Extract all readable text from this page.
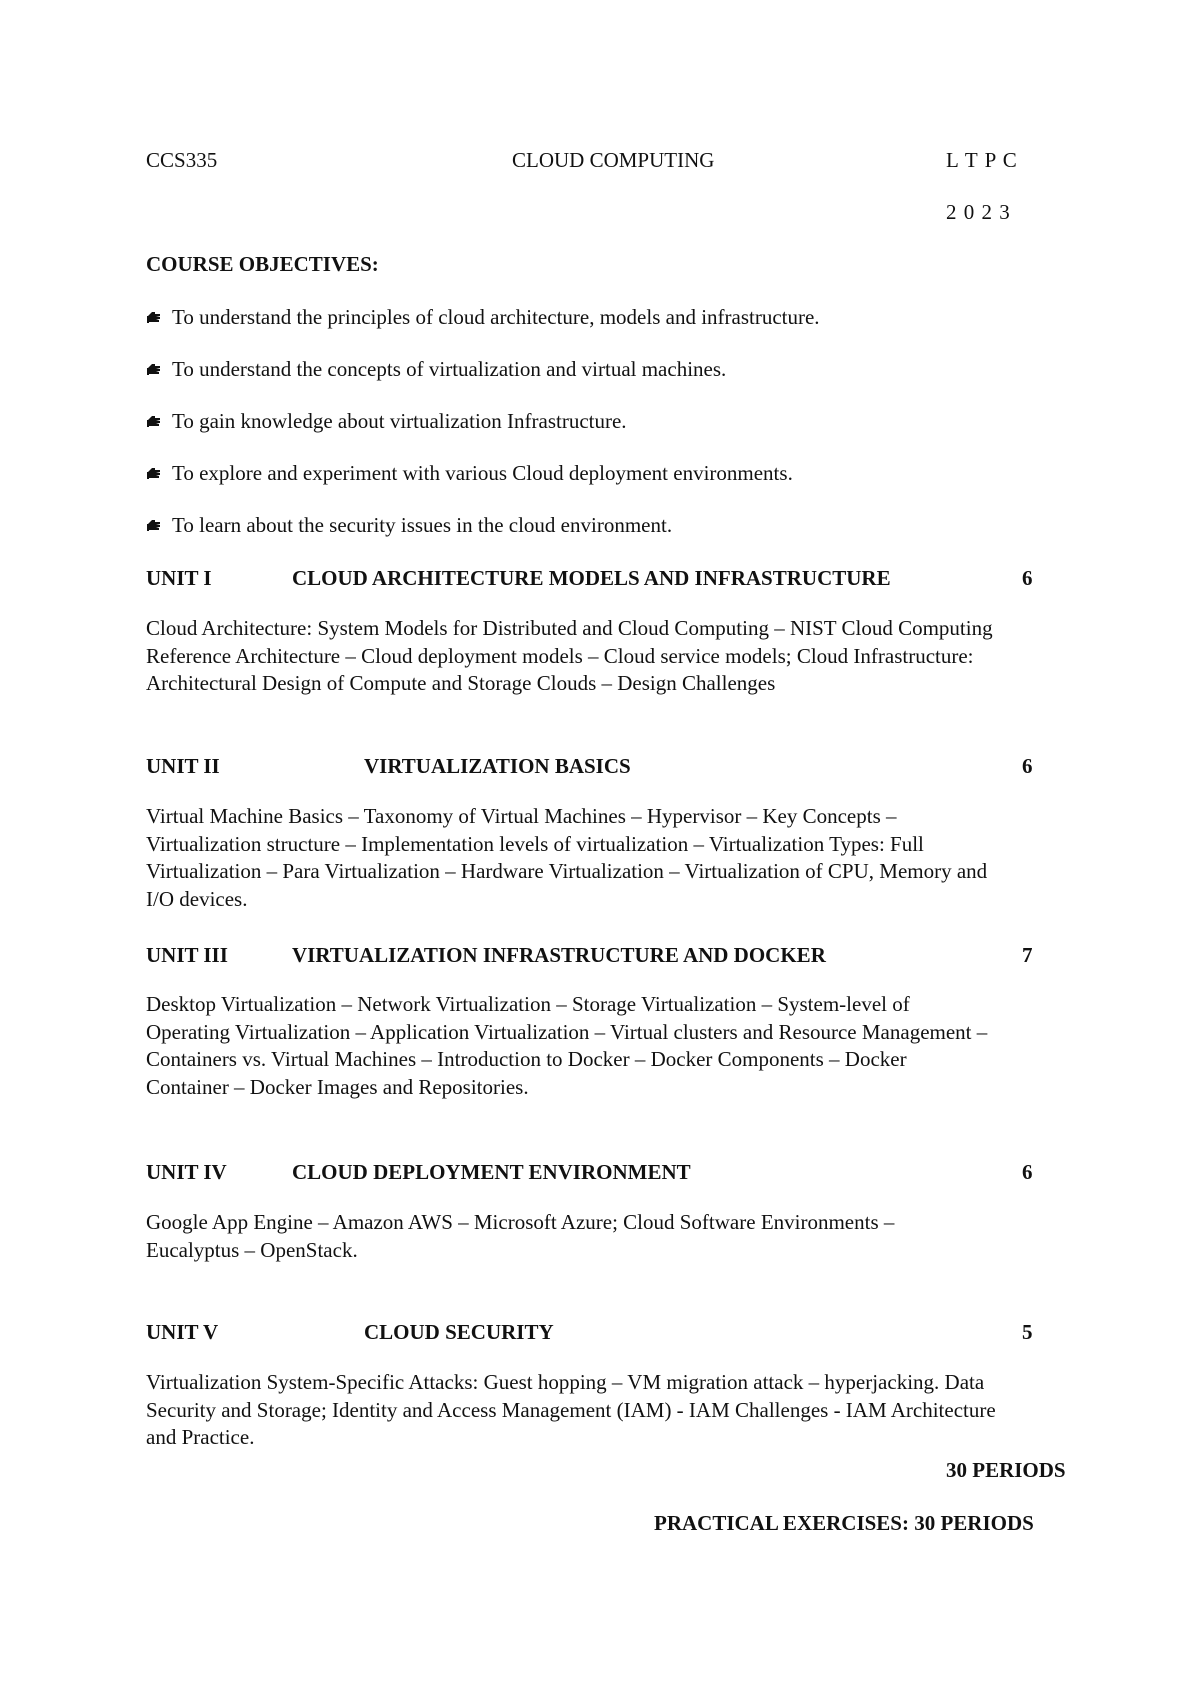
CCS335	CLOUD COMPUTING	L T P C
2 0 2 3
COURSE OBJECTIVES:
To understand the principles of cloud architecture, models and infrastructure.
To understand the concepts of virtualization and virtual machines.
To gain knowledge about virtualization Infrastructure.
To explore and experiment with various Cloud deployment environments.
To learn about the security issues in the cloud environment.
UNIT I	CLOUD ARCHITECTURE MODELS AND INFRASTRUCTURE	6
Cloud Architecture: System Models for Distributed and Cloud Computing – NIST Cloud Computing
Reference Architecture – Cloud deployment models – Cloud service models; Cloud Infrastructure:
Architectural Design of Compute and Storage Clouds – Design Challenges
UNIT II	VIRTUALIZATION BASICS	6
Virtual Machine Basics – Taxonomy of Virtual Machines – Hypervisor – Key Concepts –
Virtualization structure – Implementation levels of virtualization – Virtualization Types: Full
Virtualization – Para Virtualization – Hardware Virtualization – Virtualization of CPU, Memory and
I/O devices.
UNIT III	VIRTUALIZATION INFRASTRUCTURE AND DOCKER	7
Desktop Virtualization – Network Virtualization – Storage Virtualization – System-level of
Operating Virtualization – Application Virtualization – Virtual clusters and Resource Management –
Containers vs. Virtual Machines – Introduction to Docker – Docker Components – Docker
Container – Docker Images and Repositories.
UNIT IV	CLOUD DEPLOYMENT ENVIRONMENT	6
Google App Engine – Amazon AWS – Microsoft Azure; Cloud Software Environments –
Eucalyptus – OpenStack.
UNIT V	CLOUD SECURITY	5
Virtualization System-Specific Attacks: Guest hopping – VM migration attack – hyperjacking. Data
Security and Storage; Identity and Access Management (IAM) - IAM Challenges - IAM Architecture
and Practice.
30 PERIODS
PRACTICAL EXERCISES: 30 PERIODS
